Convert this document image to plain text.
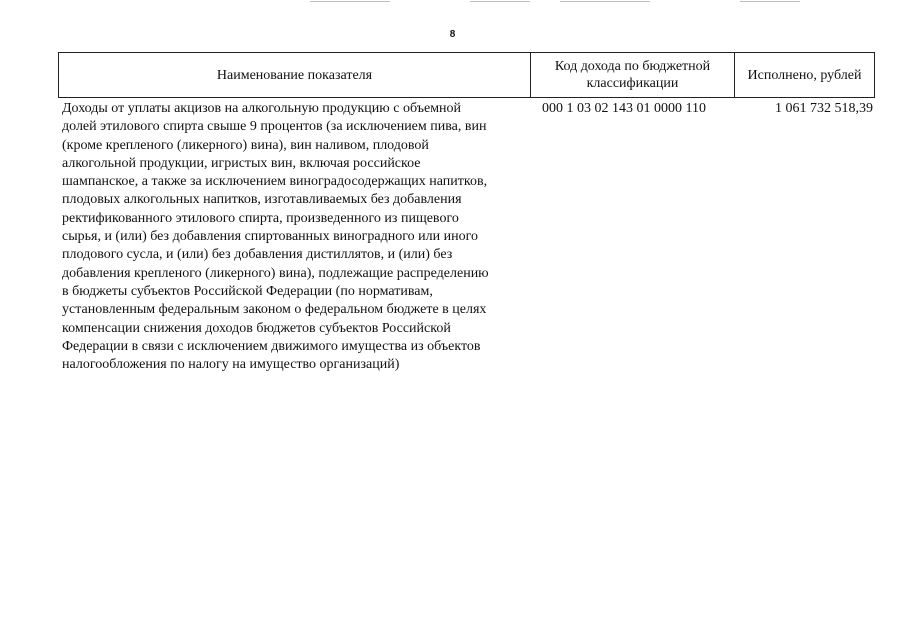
8
Наименование показателя
Код дохода по бюджетной классификации
Исполнено, рублей
Доходы от уплаты акцизов на алкогольную продукцию с объемной
долей этилового спирта свыше 9 процентов (за исключением пива, вин
(кроме крепленого (ликерного) вина), вин наливом, плодовой
алкогольной продукции, игристых вин, включая российское
шампанское, а также за исключением виноградосодержащих напитков,
плодовых алкогольных напитков, изготавливаемых без добавления
ректификованного этилового спирта, произведенного из пищевого
сырья, и (или) без добавления спиртованных виноградного или иного
плодового сусла, и (или) без добавления дистиллятов, и (или) без
добавления крепленого (ликерного) вина), подлежащие распределению
в бюджеты субъектов Российской Федерации (по нормативам,
установленным федеральным законом о федеральном бюджете в целях
компенсации снижения доходов бюджетов субъектов Российской
Федерации в связи с исключением движимого имущества из объектов
налогообложения по налогу на имущество организаций)
000 1 03 02 143 01 0000 110	1 061 732 518,39
